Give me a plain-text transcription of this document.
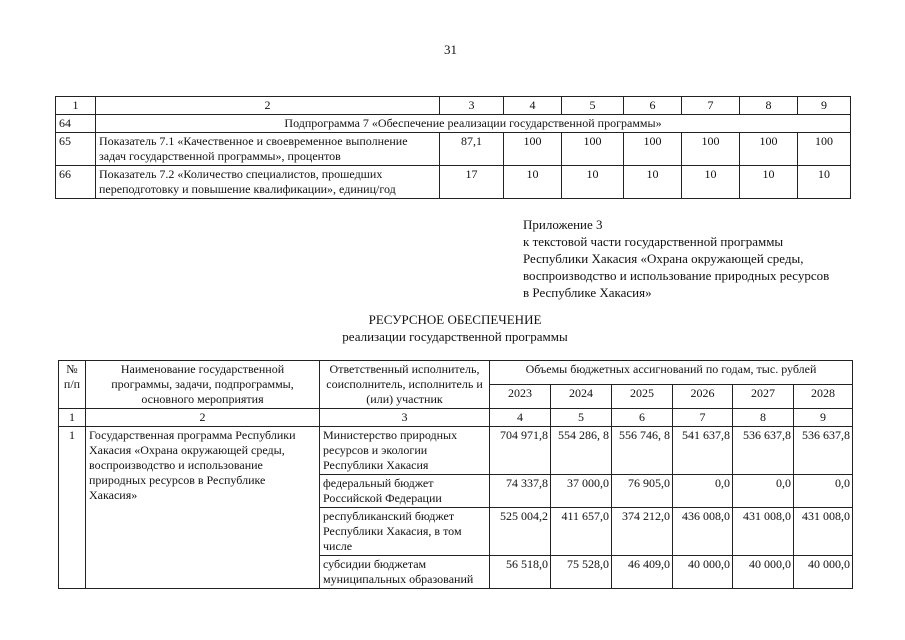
31
1	2	3	4	5	6	7	8	9
64	Подпрограмма 7 «Обеспечение реализации государственной программы»							
65	Показатель 7.1 «Качественное и своевременное выполнение задач государственной программы», процентов	87,1	100	100	100	100	100	100
66	Показатель 7.2 «Количество специалистов, прошедших переподготовку и повышение квалификации», единиц/год	17	10	10	10	10	10	10
Приложение 3
к текстовой части государственной программы
Республики Хакасия «Охрана окружающей среды,
воспроизводство и использование природных ресурсов
в Республике Хакасия»
РЕСУРСНОЕ ОБЕСПЕЧЕНИЕ
реализации государственной программы
№ п/п	Наименование государственной программы, задачи, подпрограммы, основного мероприятия	Ответственный исполнитель, соисполнитель, исполнитель и (или) участник	Объемы бюджетных ассигнований по годам, тыс. рублей					
			2023	2024	2025	2026	2027	2028
1	2	3	4	5	6	7	8	9
1	Государственная программа Республики Хакасия «Охрана окружающей среды, воспроизводство и использование природных ресурсов в Республике Хакасия»	Министерство природных ресурсов и экологии Республики Хакасия	704 971,8	554 286, 8	556 746, 8	541 637,8	536 637,8	536 637,8
		федеральный бюджет Российской Федерации	74 337,8	37 000,0	76 905,0	0,0	0,0	0,0
		республиканский бюджет Республики Хакасия, в том числе	525 004,2	411 657,0	374 212,0	436 008,0	431 008,0	431 008,0
		субсидии бюджетам муниципальных образований	56 518,0	75 528,0	46 409,0	40 000,0	40 000,0	40 000,0
